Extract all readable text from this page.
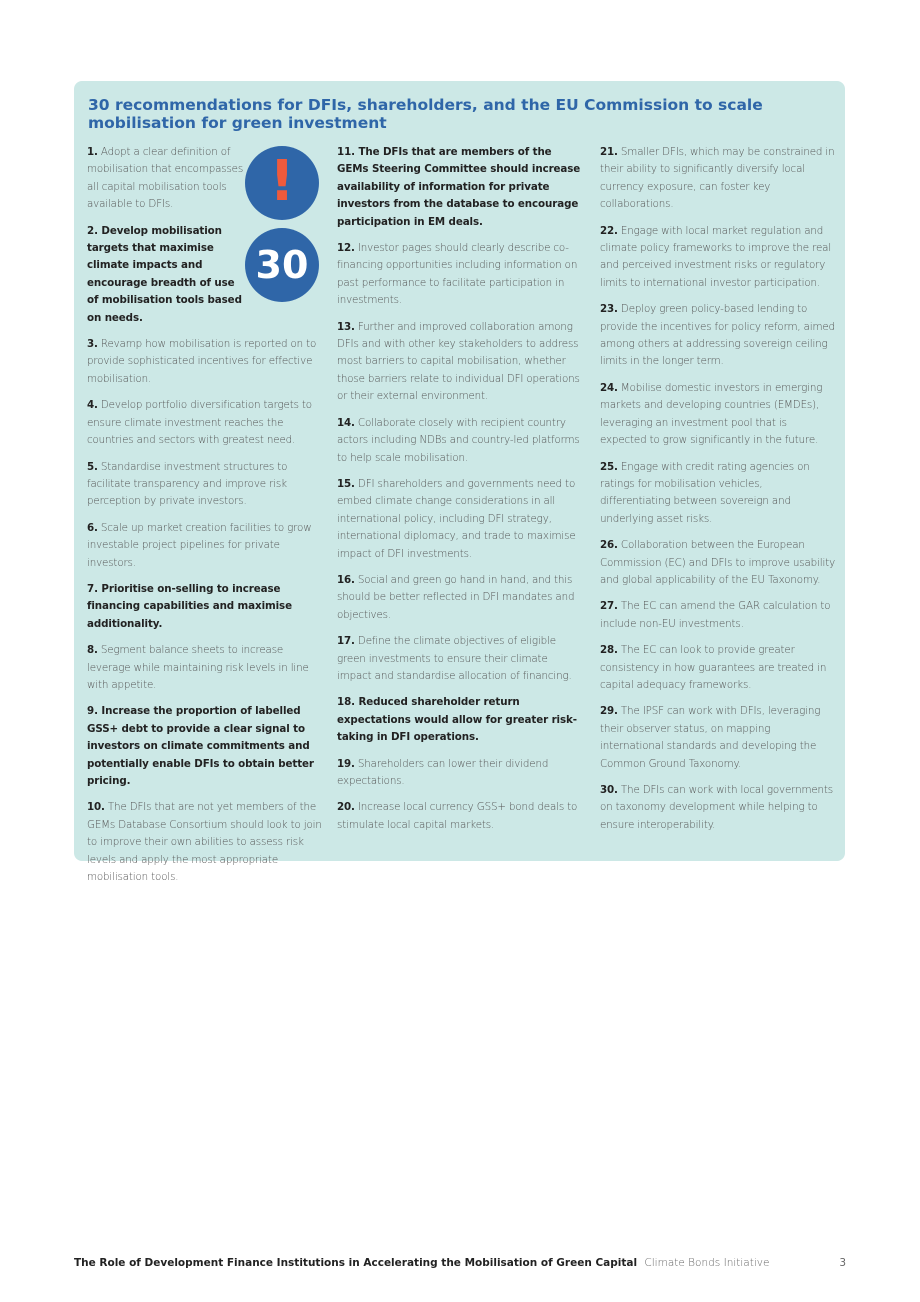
30 recommendations for DFIs, shareholders, and the EU Commission to scale mobilisation for green investment
!
30

1. Adopt a clear definition of mobilisation that encompasses all capital mobilisation tools available to DFIs.

2. Develop mobilisation targets that maximise climate impacts and encourage breadth of use of mobilisation tools based on needs.

3. Revamp how mobilisation is reported on to provide sophisticated incentives for effective mobilisation.

4. Develop portfolio diversification targets to ensure climate investment reaches the countries and sectors with greatest need.

5. Standardise investment structures to facilitate transparency and improve risk perception by private investors.

6. Scale up market creation facilities to grow investable project pipelines for private investors.

7. Prioritise on-selling to increase financing capabilities and maximise additionality.

8. Segment balance sheets to increase leverage while maintaining risk levels in line with appetite.

9. Increase the proportion of labelled GSS+ debt to provide a clear signal to investors on climate commitments and potentially enable DFIs to obtain better pricing.

10. The DFIs that are not yet members of the GEMs Database Consortium should look to join to improve their own abilities to assess risk levels and apply the most appropriate mobilisation tools.

11. The DFIs that are members of the GEMs Steering Committee should increase availability of information for private investors from the database to encourage participation in EM deals.

12. Investor pages should clearly describe co-financing opportunities including information on past performance to facilitate participation in investments.

13. Further and improved collaboration among DFIs and with other key stakeholders to address most barriers to capital mobilisation, whether those barriers relate to individual DFI operations or their external environment.

14. Collaborate closely with recipient country actors including NDBs and country-led platforms to help scale mobilisation.

15. DFI shareholders and governments need to embed climate change considerations in all international policy, including DFI strategy, international diplomacy, and trade to maximise impact of DFI investments.

16. Social and green go hand in hand, and this should be better reflected in DFI mandates and objectives.

17. Define the climate objectives of eligible green investments to ensure their climate impact and standardise allocation of financing.

18. Reduced shareholder return expectations would allow for greater risk-taking in DFI operations.

19. Shareholders can lower their dividend expectations.

20. Increase local currency GSS+ bond deals to stimulate local capital markets.

21. Smaller DFIs, which may be constrained in their ability to significantly diversify local currency exposure, can foster key collaborations.

22. Engage with local market regulation and climate policy frameworks to improve the real and perceived investment risks or regulatory limits to international investor participation.

23. Deploy green policy-based lending to provide the incentives for policy reform, aimed among others at addressing sovereign ceiling limits in the longer term.

24. Mobilise domestic investors in emerging markets and developing countries (EMDEs), leveraging an investment pool that is expected to grow significantly in the future.

25. Engage with credit rating agencies on ratings for mobilisation vehicles, differentiating between sovereign and underlying asset risks.

26. Collaboration between the European Commission (EC) and DFIs to improve usability and global applicability of the EU Taxonomy.

27. The EC can amend the GAR calculation to include non-EU investments.

28. The EC can look to provide greater consistency in how guarantees are treated in capital adequacy frameworks.

29. The IPSF can work with DFIs, leveraging their observer status, on mapping international standards and developing the Common Ground Taxonomy.

30. The DFIs can work with local governments on taxonomy development while helping to ensure interoperability.

The Role of Development Finance Institutions in Accelerating the Mobilisation of Green Capital Climate Bonds Initiative	3
